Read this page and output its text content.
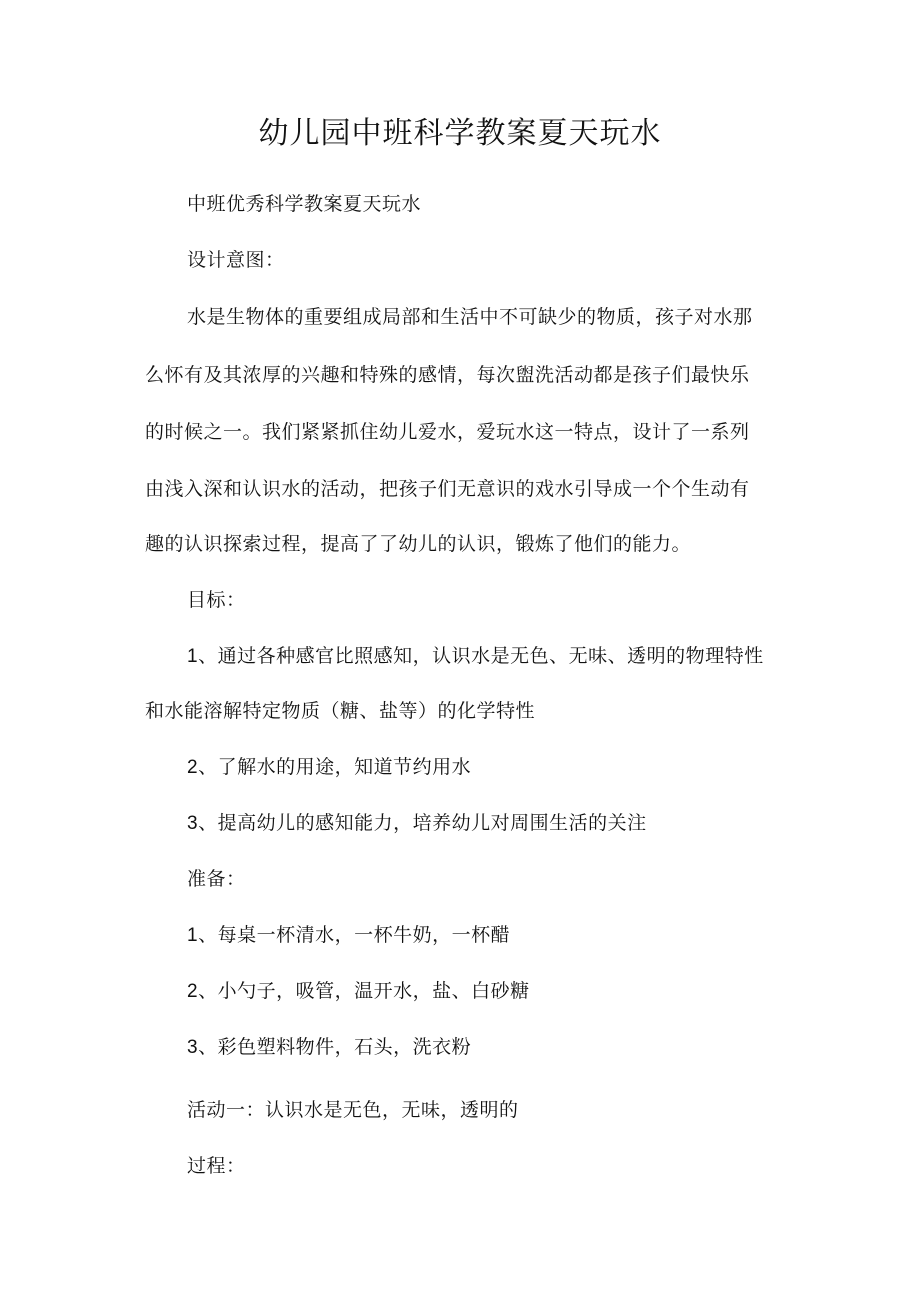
幼儿园中班科学教案夏天玩水

中班优秀科学教案夏天玩水

设计意图：

水是生物体的重要组成局部和生活中不可缺少的物质，孩子对水那

么怀有及其浓厚的兴趣和特殊的感情，每次盥洗活动都是孩子们最快乐

的时候之一。我们紧紧抓住幼儿爱水，爱玩水这一特点，设计了一系列

由浅入深和认识水的活动，把孩子们无意识的戏水引导成一个个生动有

趣的认识探索过程，提高了了幼儿的认识，锻炼了他们的能力。

目标：

1、通过各种感官比照感知，认识水是无色、无味、透明的物理特性

和水能溶解特定物质（糖、盐等）的化学特性

2、了解水的用途，知道节约用水

3、提高幼儿的感知能力，培养幼儿对周围生活的关注

准备：

1、每桌一杯清水，一杯牛奶，一杯醋

2、小勺子，吸管，温开水，盐、白砂糖

3、彩色塑料物件，石头，洗衣粉

活动一：认识水是无色，无味，透明的

过程：
